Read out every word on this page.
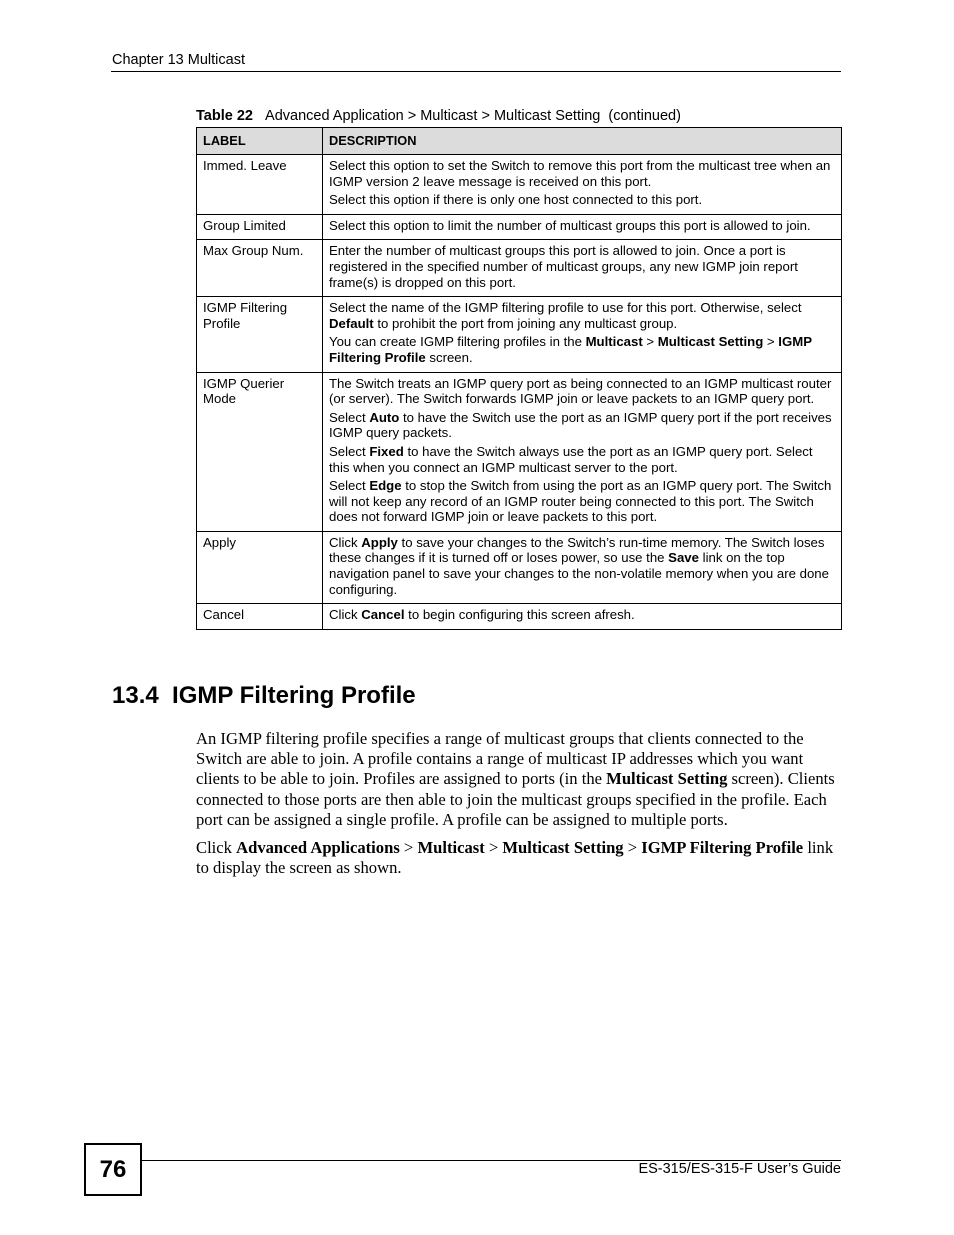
Chapter 13 Multicast
Table 22 Advanced Application > Multicast > Multicast Setting  (continued)
LABEL	DESCRIPTION
Immed. Leave	Select this option to set the Switch to remove this port from the multicast tree when an IGMP version 2 leave message is received on this port.

Select this option if there is only one host connected to this port.

Group Limited	Select this option to limit the number of multicast groups this port is allowed to join.

Max Group Num.	Enter the number of multicast groups this port is allowed to join. Once a port is registered in the specified number of multicast groups, any new IGMP join report frame(s) is dropped on this port.

IGMP Filtering Profile	Select the name of the IGMP filtering profile to use for this port. Otherwise, select Default to prohibit the port from joining any multicast group.

You can create IGMP filtering profiles in the Multicast > Multicast Setting > IGMP Filtering Profile screen.

IGMP Querier Mode	The Switch treats an IGMP query port as being connected to an IGMP multicast router (or server). The Switch forwards IGMP join or leave packets to an IGMP query port.

Select Auto to have the Switch use the port as an IGMP query port if the port receives IGMP query packets.

Select Fixed to have the Switch always use the port as an IGMP query port. Select this when you connect an IGMP multicast server to the port.

Select Edge to stop the Switch from using the port as an IGMP query port. The Switch will not keep any record of an IGMP router being connected to this port. The Switch does not forward IGMP join or leave packets to this port.

Apply	Click Apply to save your changes to the Switch’s run-time memory. The Switch loses these changes if it is turned off or loses power, so use the Save link on the top navigation panel to save your changes to the non-volatile memory when you are done configuring.

Cancel	Click Cancel to begin configuring this screen afresh.

13.4  IGMP Filtering Profile

An IGMP filtering profile specifies a range of multicast groups that clients connected to the Switch are able to join. A profile contains a range of multicast IP addresses which you want clients to be able to join. Profiles are assigned to ports (in the Multicast Setting screen). Clients connected to those ports are then able to join the multicast groups specified in the profile. Each port can be assigned a single profile. A profile can be assigned to multiple ports.

Click Advanced Applications > Multicast > Multicast Setting > IGMP Filtering Profile link to display the screen as shown.

76	ES-315/ES-315-F User’s Guide
